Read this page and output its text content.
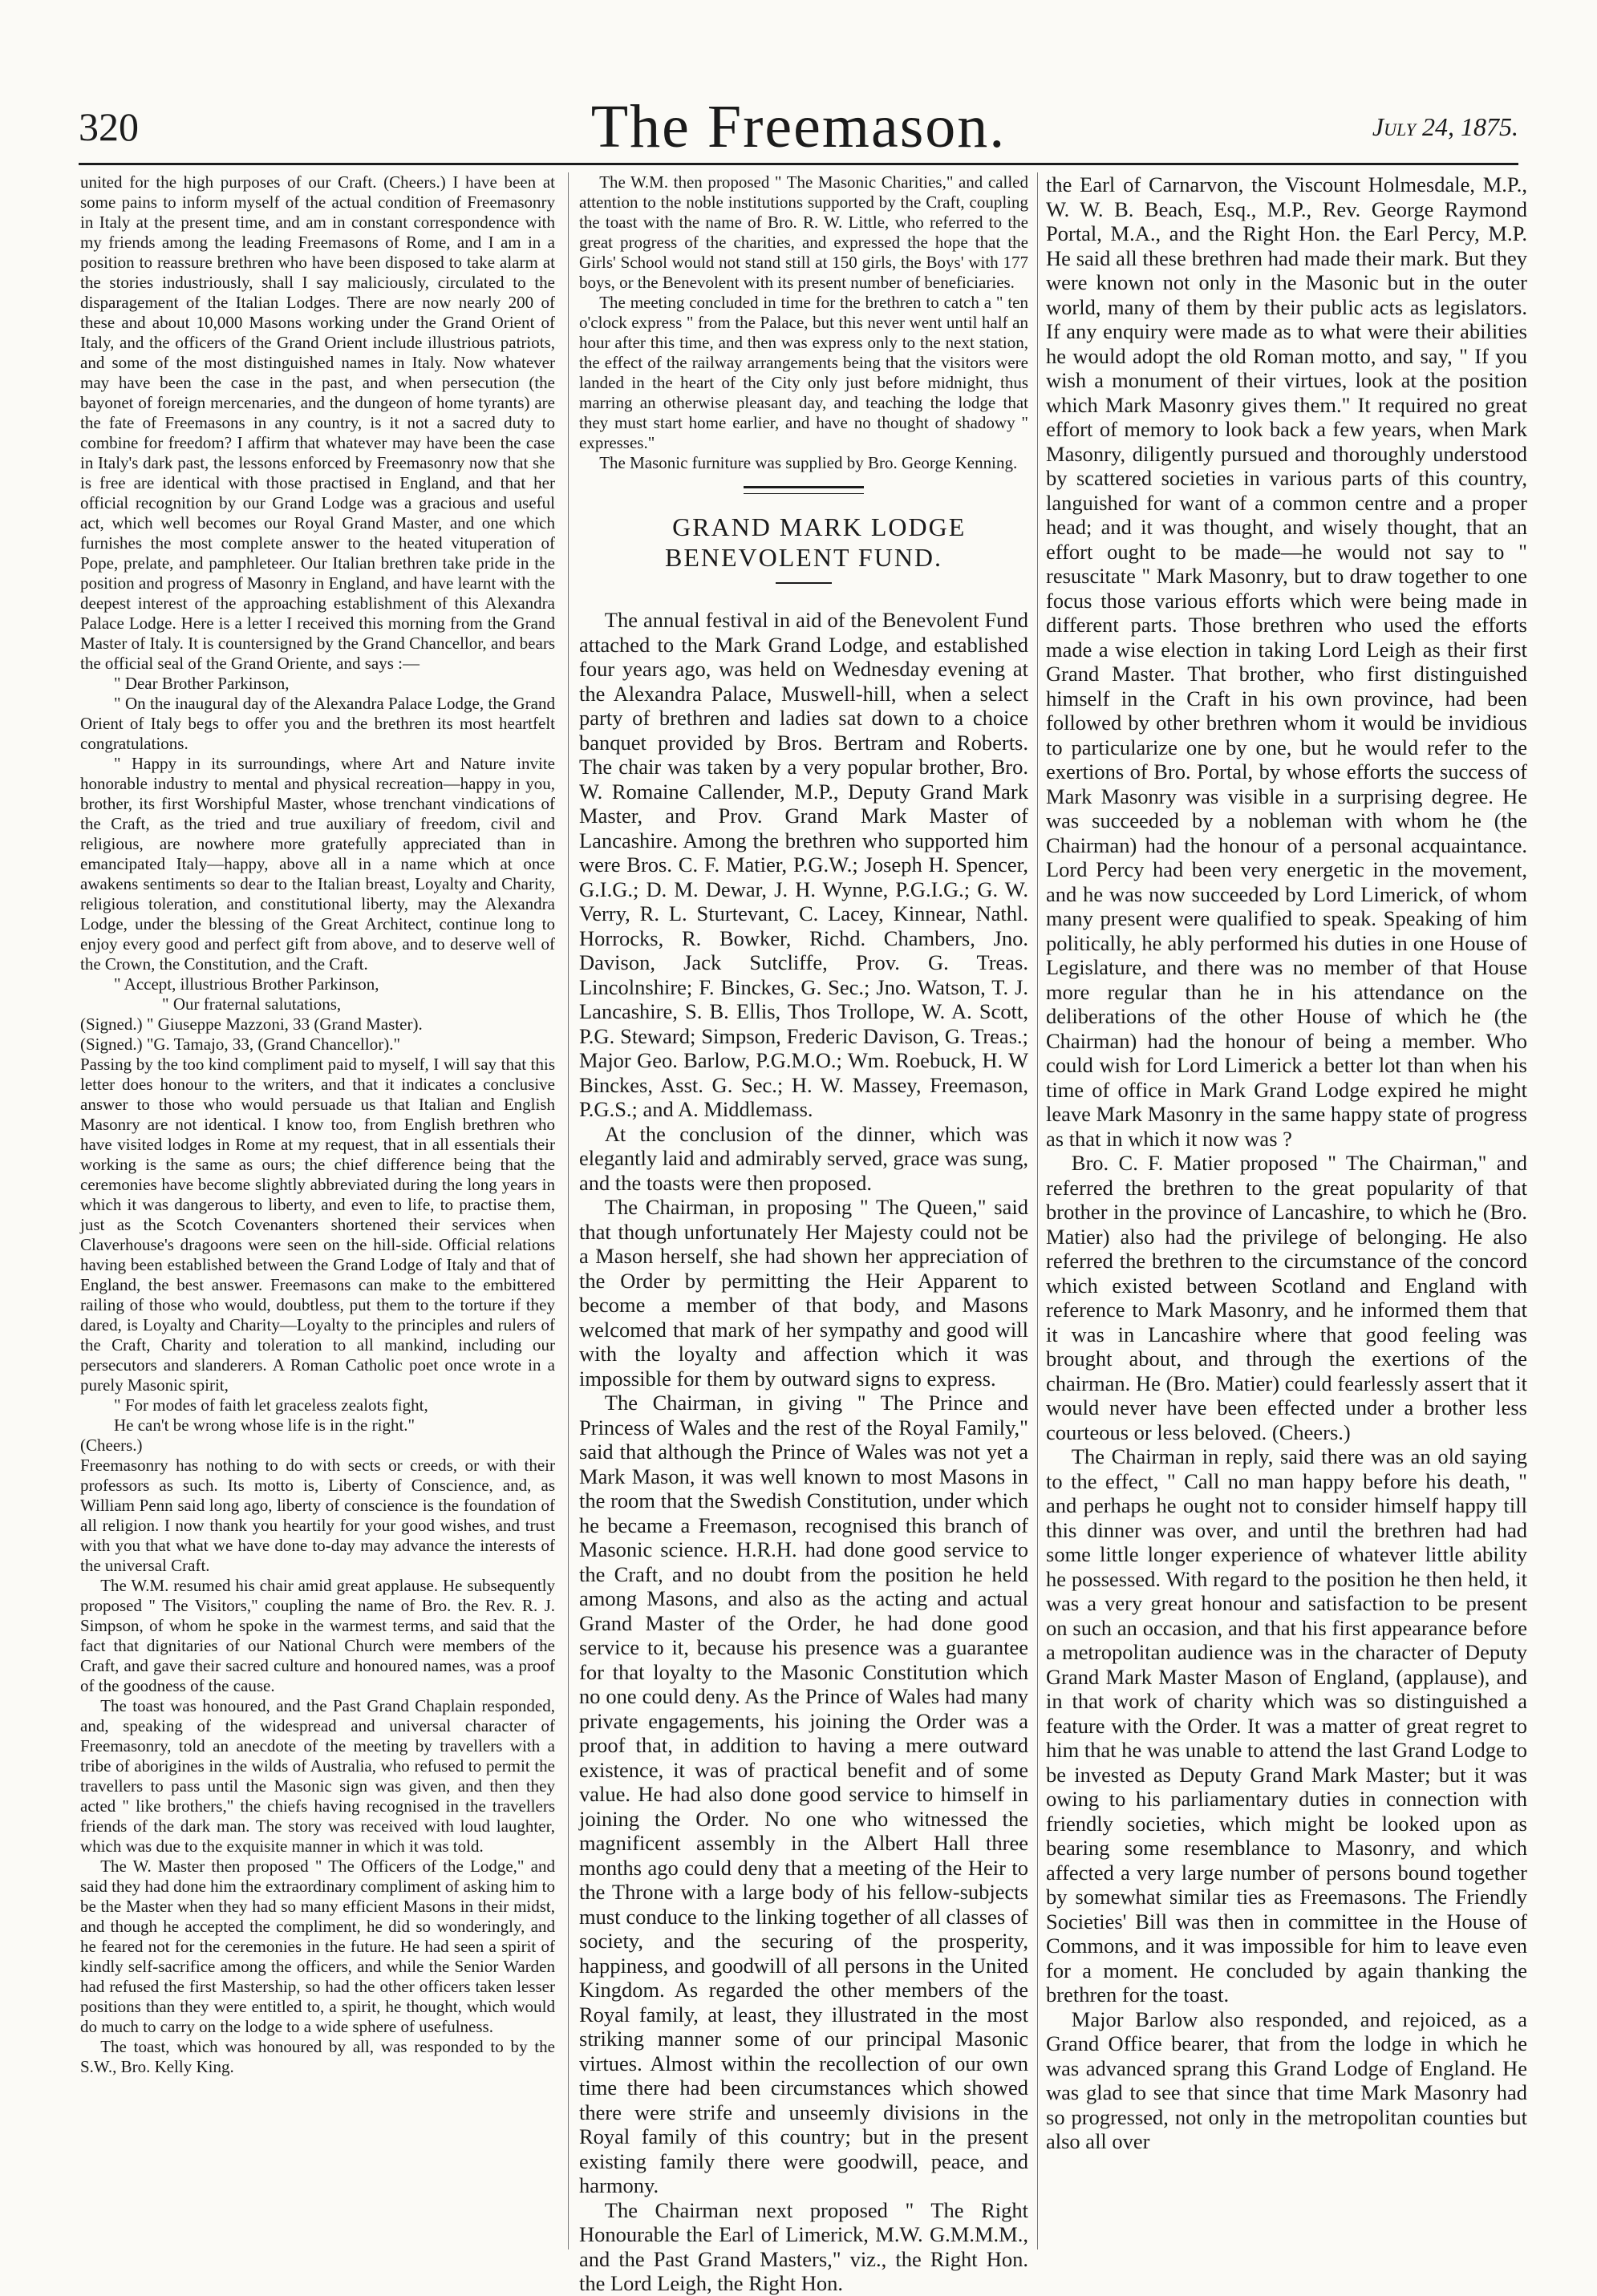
320	The Freemason.	July 24, 1875.

united for the high purposes of our Craft. (Cheers.) I have been at some pains to inform myself of the actual condition of Freemasonry in Italy at the present time, and am in constant correspondence with my friends among the leading Freemasons of Rome, and I am in a position to reassure brethren who have been disposed to take alarm at the stories industriously, shall I say maliciously, circulated to the disparagement of the Italian Lodges. There are now nearly 200 of these and about 10,000 Masons working under the Grand Orient of Italy, and the officers of the Grand Orient include illustrious patriots, and some of the most distinguished names in Italy. Now whatever may have been the case in the past, and when persecution (the bayonet of foreign mercenaries, and the dungeon of home tyrants) are the fate of Freemasons in any country, is it not a sacred duty to combine for freedom? I affirm that whatever may have been the case in Italy's dark past, the lessons enforced by Freemasonry now that she is free are identical with those practised in England, and that her official recognition by our Grand Lodge was a gracious and useful act, which well becomes our Royal Grand Master, and one which furnishes the most complete answer to the heated vituperation of Pope, prelate, and pamphleteer. Our Italian brethren take pride in the position and progress of Masonry in England, and have learnt with the deepest interest of the approaching establishment of this Alexandra Palace Lodge. Here is a letter I received this morning from the Grand Master of Italy. It is countersigned by the Grand Chancellor, and bears the official seal of the Grand Oriente, and says :—

" Dear Brother Parkinson,

" On the inaugural day of the Alexandra Palace Lodge, the Grand Orient of Italy begs to offer you and the brethren its most heartfelt congratulations.

" Happy in its surroundings, where Art and Nature invite honorable industry to mental and physical recreation—happy in you, brother, its first Worshipful Master, whose trenchant vindications of the Craft, as the tried and true auxiliary of freedom, civil and religious, are nowhere more gratefully appreciated than in emancipated Italy—happy, above all in a name which at once awakens sentiments so dear to the Italian breast, Loyalty and Charity, religious toleration, and constitutional liberty, may the Alexandra Lodge, under the blessing of the Great Architect, continue long to enjoy every good and perfect gift from above, and to deserve well of the Crown, the Constitution, and the Craft.

" Accept, illustrious Brother Parkinson,

" Our fraternal salutations,

(Signed.) " Giuseppe Mazzoni, 33 (Grand Master).

(Signed.) "G. Tamajo, 33, (Grand Chancellor)."

Passing by the too kind compliment paid to myself, I will say that this letter does honour to the writers, and that it indicates a conclusive answer to those who would persuade us that Italian and English Masonry are not identical. I know too, from English brethren who have visited lodges in Rome at my request, that in all essentials their working is the same as ours; the chief difference being that the ceremonies have become slightly abbreviated during the long years in which it was dangerous to liberty, and even to life, to practise them, just as the Scotch Covenanters shortened their services when Claverhouse's dragoons were seen on the hill-side. Official relations having been established between the Grand Lodge of Italy and that of England, the best answer. Freemasons can make to the embittered railing of those who would, doubtless, put them to the torture if they dared, is Loyalty and Charity—Loyalty to the principles and rulers of the Craft, Charity and toleration to all mankind, including our persecutors and slanderers. A Roman Catholic poet once wrote in a purely Masonic spirit,

" For modes of faith let graceless zealots fight,

He can't be wrong whose life is in the right."

(Cheers.)

Freemasonry has nothing to do with sects or creeds, or with their professors as such. Its motto is, Liberty of Conscience, and, as William Penn said long ago, liberty of conscience is the foundation of all religion. I now thank you heartily for your good wishes, and trust with you that what we have done to-day may advance the interests of the universal Craft.

The W.M. resumed his chair amid great applause. He subsequently proposed " The Visitors," coupling the name of Bro. the Rev. R. J. Simpson, of whom he spoke in the warmest terms, and said that the fact that dignitaries of our National Church were members of the Craft, and gave their sacred culture and honoured names, was a proof of the goodness of the cause.

The toast was honoured, and the Past Grand Chaplain responded, and, speaking of the widespread and universal character of Freemasonry, told an anecdote of the meeting by travellers with a tribe of aborigines in the wilds of Australia, who refused to permit the travellers to pass until the Masonic sign was given, and then they acted " like brothers," the chiefs having recognised in the travellers friends of the dark man. The story was received with loud laughter, which was due to the exquisite manner in which it was told.

The W. Master then proposed " The Officers of the Lodge," and said they had done him the extraordinary compliment of asking him to be the Master when they had so many efficient Masons in their midst, and though he accepted the compliment, he did so wonderingly, and he feared not for the ceremonies in the future. He had seen a spirit of kindly self-sacrifice among the officers, and while the Senior Warden had refused the first Mastership, so had the other officers taken lesser positions than they were entitled to, a spirit, he thought, which would do much to carry on the lodge to a wide sphere of usefulness.

The toast, which was honoured by all, was responded to by the S.W., Bro. Kelly King.

The W.M. then proposed " The Masonic Charities," and called attention to the noble institutions supported by the Craft, coupling the toast with the name of Bro. R. W. Little, who referred to the great progress of the charities, and expressed the hope that the Girls' School would not stand still at 150 girls, the Boys' with 177 boys, or the Benevolent with its present number of beneficiaries.

The meeting concluded in time for the brethren to catch a " ten o'clock express " from the Palace, but this never went until half an hour after this time, and then was express only to the next station, the effect of the railway arrangements being that the visitors were landed in the heart of the City only just before midnight, thus marring an otherwise pleasant day, and teaching the lodge that they must start home earlier, and have no thought of shadowy " expresses."

The Masonic furniture was supplied by Bro. George Kenning.

GRAND MARK LODGE BENEVOLENT FUND.

The annual festival in aid of the Benevolent Fund attached to the Mark Grand Lodge, and established four years ago, was held on Wednesday evening at the Alexandra Palace, Muswell-hill, when a select party of brethren and ladies sat down to a choice banquet provided by Bros. Bertram and Roberts. The chair was taken by a very popular brother, Bro. W. Romaine Callender, M.P., Deputy Grand Mark Master, and Prov. Grand Mark Master of Lancashire. Among the brethren who supported him were Bros. C. F. Matier, P.G.W.; Joseph H. Spencer, G.I.G.; D. M. Dewar, J. H. Wynne, P.G.I.G.; G. W. Verry, R. L. Sturtevant, C. Lacey, Kinnear, Nathl. Horrocks, R. Bowker, Richd. Chambers, Jno. Davison, Jack Sutcliffe, Prov. G. Treas. Lincolnshire; F. Binckes, G. Sec.; Jno. Watson, T. J. Lancashire, S. B. Ellis, Thos Trollope, W. A. Scott, P.G. Steward; Simpson, Frederic Davison, G. Treas.; Major Geo. Barlow, P.G.M.O.; Wm. Roebuck, H. W Binckes, Asst. G. Sec.; H. W. Massey, Freemason, P.G.S.; and A. Middlemass.

At the conclusion of the dinner, which was elegantly laid and admirably served, grace was sung, and the toasts were then proposed.

The Chairman, in proposing " The Queen," said that though unfortunately Her Majesty could not be a Mason herself, she had shown her appreciation of the Order by permitting the Heir Apparent to become a member of that body, and Masons welcomed that mark of her sympathy and good will with the loyalty and affection which it was impossible for them by outward signs to express.

The Chairman, in giving " The Prince and Princess of Wales and the rest of the Royal Family," said that although the Prince of Wales was not yet a Mark Mason, it was well known to most Masons in the room that the Swedish Constitution, under which he became a Freemason, recognised this branch of Masonic science. H.R.H. had done good service to the Craft, and no doubt from the position he held among Masons, and also as the acting and actual Grand Master of the Order, he had done good service to it, because his presence was a guarantee for that loyalty to the Masonic Constitution which no one could deny. As the Prince of Wales had many private engagements, his joining the Order was a proof that, in addition to having a mere outward existence, it was of practical benefit and of some value. He had also done good service to himself in joining the Order. No one who witnessed the magnificent assembly in the Albert Hall three months ago could deny that a meeting of the Heir to the Throne with a large body of his fellow-subjects must conduce to the linking together of all classes of society, and the securing of the prosperity, happiness, and goodwill of all persons in the United Kingdom. As regarded the other members of the Royal family, at least, they illustrated in the most striking manner some of our principal Masonic virtues. Almost within the recollection of our own time there had been circumstances which showed there were strife and unseemly divisions in the Royal family of this country; but in the present existing family there were goodwill, peace, and harmony.

The Chairman next proposed " The Right Honourable the Earl of Limerick, M.W. G.M.M.M., and the Past Grand Masters," viz., the Right Hon. the Lord Leigh, the Right Hon.

the Earl of Carnarvon, the Viscount Holmesdale, M.P., W. W. B. Beach, Esq., M.P., Rev. George Raymond Portal, M.A., and the Right Hon. the Earl Percy, M.P. He said all these brethren had made their mark. But they were known not only in the Masonic but in the outer world, many of them by their public acts as legislators. If any enquiry were made as to what were their abilities he would adopt the old Roman motto, and say, " If you wish a monument of their virtues, look at the position which Mark Masonry gives them." It required no great effort of memory to look back a few years, when Mark Masonry, diligently pursued and thoroughly understood by scattered societies in various parts of this country, languished for want of a common centre and a proper head; and it was thought, and wisely thought, that an effort ought to be made—he would not say to " resuscitate " Mark Masonry, but to draw together to one focus those various efforts which were being made in different parts. Those brethren who used the efforts made a wise election in taking Lord Leigh as their first Grand Master. That brother, who first distinguished himself in the Craft in his own province, had been followed by other brethren whom it would be invidious to particularize one by one, but he would refer to the exertions of Bro. Portal, by whose efforts the success of Mark Masonry was visible in a surprising degree. He was succeeded by a nobleman with whom he (the Chairman) had the honour of a personal acquaintance. Lord Percy had been very energetic in the movement, and he was now succeeded by Lord Limerick, of whom many present were qualified to speak. Speaking of him politically, he ably performed his duties in one House of Legislature, and there was no member of that House more regular than he in his attendance on the deliberations of the other House of which he (the Chairman) had the honour of being a member. Who could wish for Lord Limerick a better lot than when his time of office in Mark Grand Lodge expired he might leave Mark Masonry in the same happy state of progress as that in which it now was ?

Bro. C. F. Matier proposed " The Chairman," and referred the brethren to the great popularity of that brother in the province of Lancashire, to which he (Bro. Matier) also had the privilege of belonging. He also referred the brethren to the circumstance of the concord which existed between Scotland and England with reference to Mark Masonry, and he informed them that it was in Lancashire where that good feeling was brought about, and through the exertions of the chairman. He (Bro. Matier) could fearlessly assert that it would never have been effected under a brother less courteous or less beloved. (Cheers.)

The Chairman in reply, said there was an old saying to the effect, " Call no man happy before his death, " and perhaps he ought not to consider himself happy till this dinner was over, and until the brethren had had some little longer experience of whatever little ability he possessed. With regard to the position he then held, it was a very great honour and satisfaction to be present on such an occasion, and that his first appearance before a metropolitan audience was in the character of Deputy Grand Mark Master Mason of England, (applause), and in that work of charity which was so distinguished a feature with the Order. It was a matter of great regret to him that he was unable to attend the last Grand Lodge to be invested as Deputy Grand Mark Master; but it was owing to his parliamentary duties in connection with friendly societies, which might be looked upon as bearing some resemblance to Masonry, and which affected a very large number of persons bound together by somewhat similar ties as Freemasons. The Friendly Societies' Bill was then in committee in the House of Commons, and it was impossible for him to leave even for a moment. He concluded by again thanking the brethren for the toast.

Major Barlow also responded, and rejoiced, as a Grand Office bearer, that from the lodge in which he was advanced sprang this Grand Lodge of England. He was glad to see that since that time Mark Masonry had so progressed, not only in the metropolitan counties but also all over
